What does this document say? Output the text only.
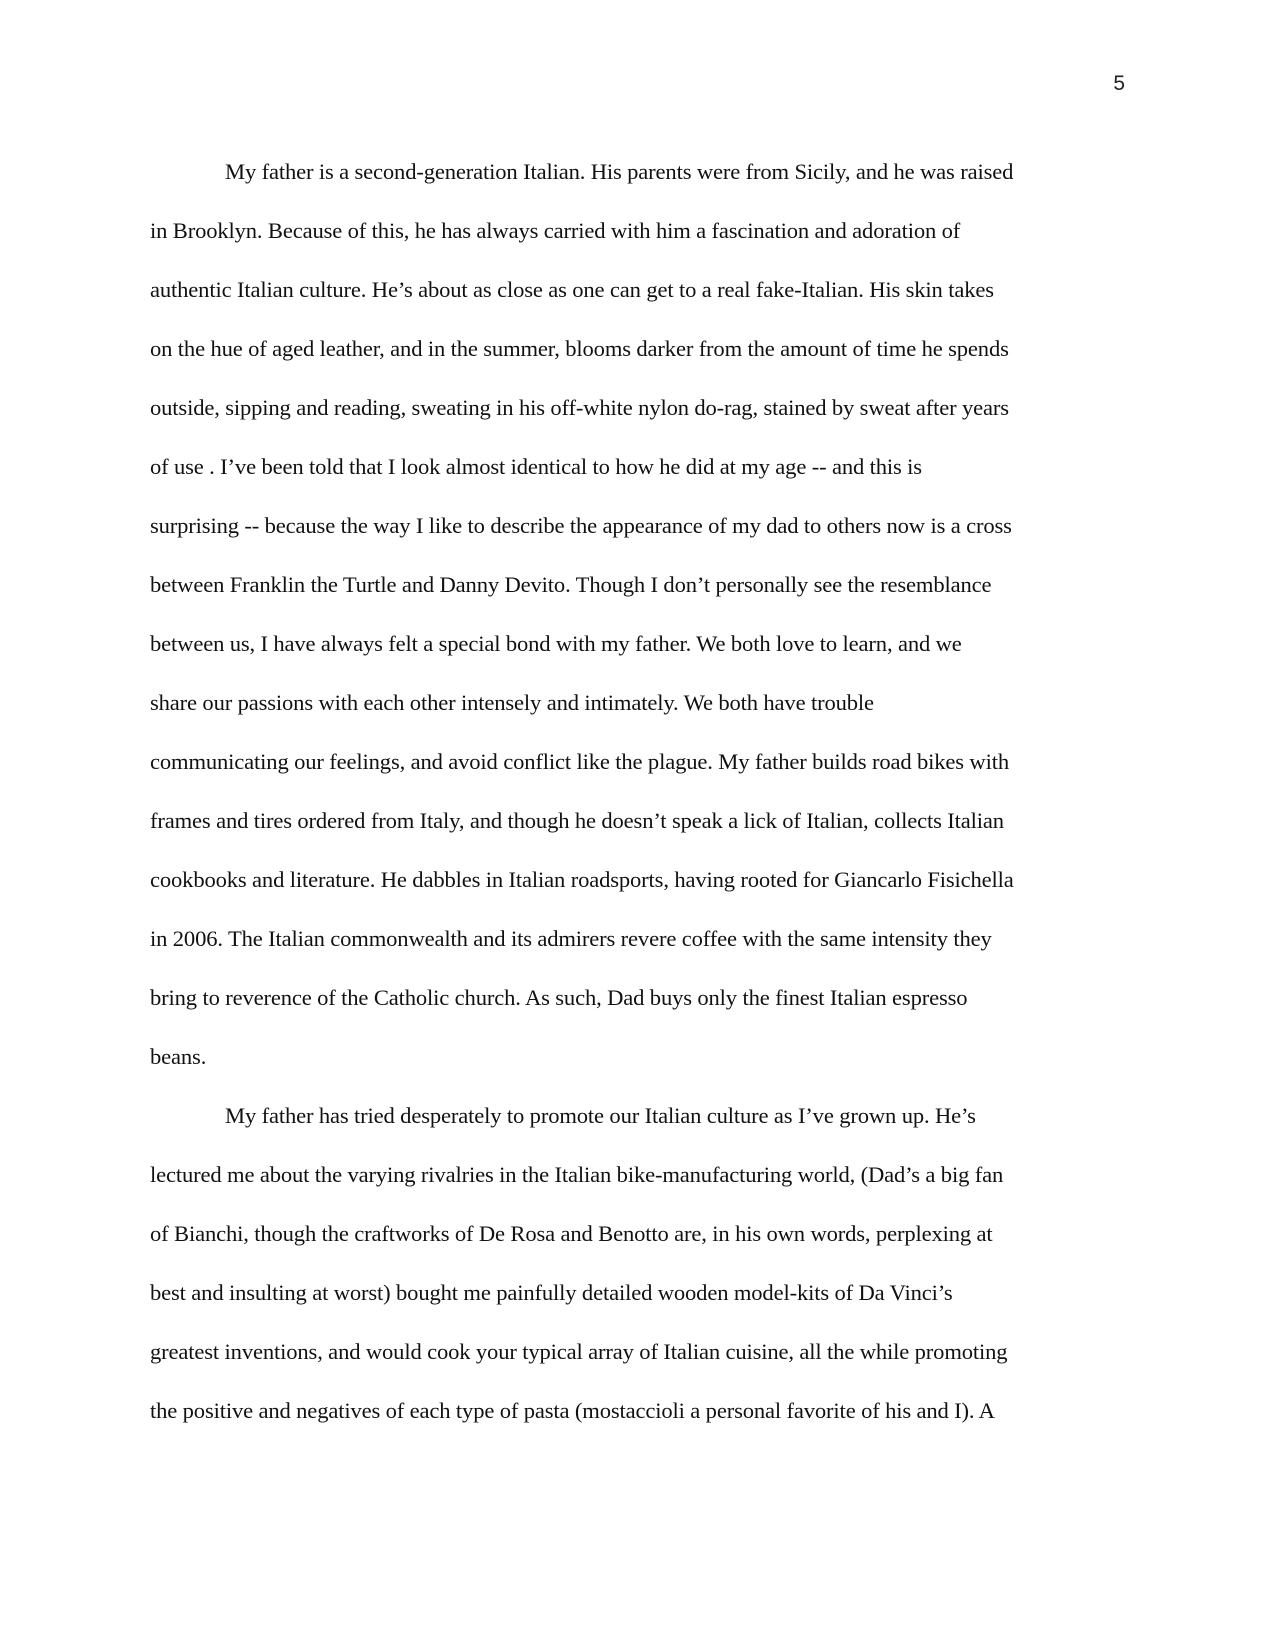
5

My father is a second-generation Italian. His parents were from Sicily, and he was raised
in Brooklyn. Because of this, he has always carried with him a fascination and adoration of
authentic Italian culture. He’s about as close as one can get to a real fake-Italian. His skin takes
on the hue of aged leather, and in the summer, blooms darker from the amount of time he spends
outside, sipping and reading, sweating in his off-white nylon do-rag, stained by sweat after years
of use . I’ve been told that I look almost identical to how he did at my age -- and this is
surprising -- because the way I like to describe the appearance of my dad to others now is a cross
between Franklin the Turtle and Danny Devito. Though I don’t personally see the resemblance
between us, I have always felt a special bond with my father. We both love to learn, and we
share our passions with each other intensely and intimately. We both have trouble
communicating our feelings, and avoid conflict like the plague. My father builds road bikes with
frames and tires ordered from Italy, and though he doesn’t speak a lick of Italian, collects Italian
cookbooks and literature. He dabbles in Italian roadsports, having rooted for Giancarlo Fisichella
in 2006. The Italian commonwealth and its admirers revere coffee with the same intensity they
bring to reverence of the Catholic church. As such, Dad buys only the finest Italian espresso
beans.

My father has tried desperately to promote our Italian culture as I’ve grown up. He’s
lectured me about the varying rivalries in the Italian bike-manufacturing world, (Dad’s a big fan
of Bianchi, though the craftworks of De Rosa and Benotto are, in his own words, perplexing at
best and insulting at worst) bought me painfully detailed wooden model-kits of Da Vinci’s
greatest inventions, and would cook your typical array of Italian cuisine, all the while promoting
the positive and negatives of each type of pasta (mostaccioli a personal favorite of his and I). A
